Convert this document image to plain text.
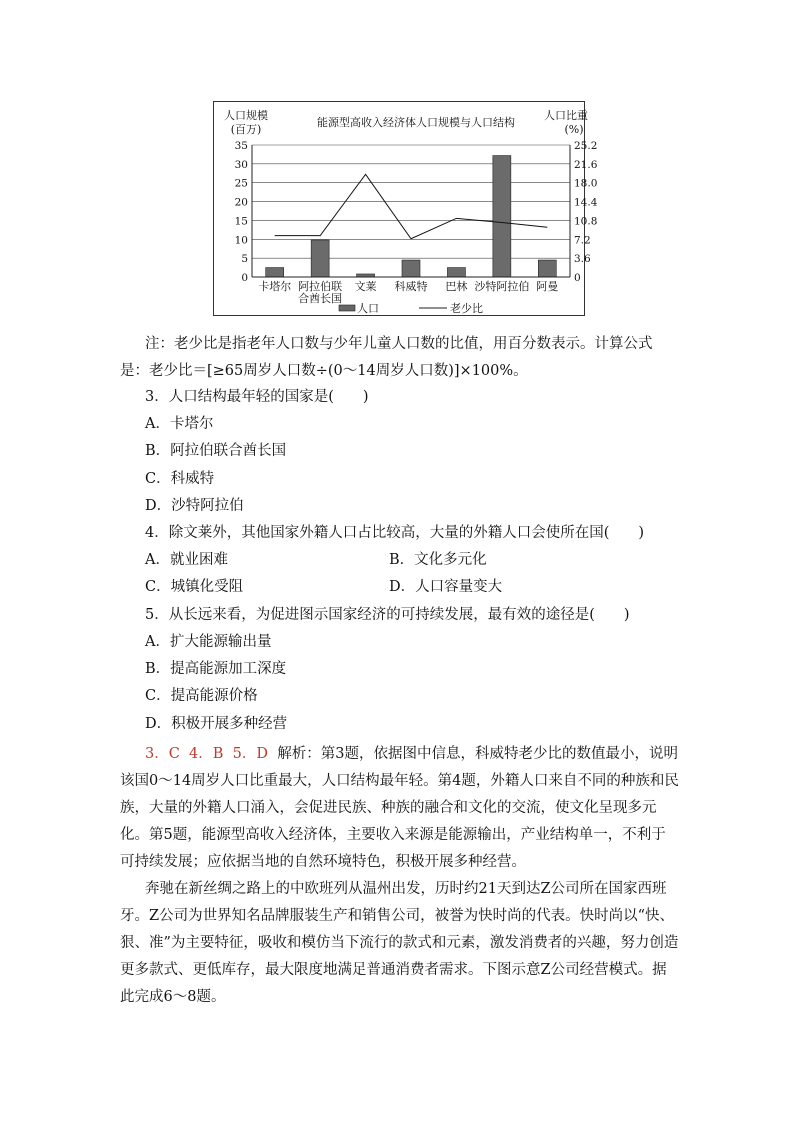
能源型高收入经济体人口规模与人口结构
人口规模
(百万)
人口比重
(%)
0	0
5	3.6
10	7.2
15	10.8
20	14.4
25	18.0
30	21.6
35	25.2
卡塔尔 阿拉伯联
合酋长国
文莱 科威特 巴林 沙特阿拉伯 阿曼
人口	老少比
注：老少比是指老年人口数与少年儿童人口数的比值，用百分数表示。计算公式是：老少比＝[≥65周岁人口数÷(0～14周岁人口数)]×100%。
3．人口结构最年轻的国家是(　　)
A．卡塔尔
B．阿拉伯联合酋长国
C．科威特
D．沙特阿拉伯
4．除文莱外，其他国家外籍人口占比较高，大量的外籍人口会使所在国(　　)
A．就业困难	B．文化多元化
C．城镇化受阻	D．人口容量变大
5．从长远来看，为促进图示国家经济的可持续发展，最有效的途径是(　　)
A．扩大能源输出量
B．提高能源加工深度
C．提高能源价格
D．积极开展多种经营
3．C 4．B 5．D 解析：第3题，依据图中信息，科威特老少比的数值最小，说明该国0～14周岁人口比重最大，人口结构最年轻。第4题，外籍人口来自不同的种族和民族，大量的外籍人口涌入，会促进民族、种族的融合和文化的交流，使文化呈现多元化。第5题，能源型高收入经济体，主要收入来源是能源输出，产业结构单一，不利于可持续发展；应依据当地的自然环境特色，积极开展多种经营。
奔驰在新丝绸之路上的中欧班列从温州出发，历时约21天到达Z公司所在国家西班牙。Z公司为世界知名品牌服装生产和销售公司，被誉为快时尚的代表。快时尚以“快、狠、准”为主要特征，吸收和模仿当下流行的款式和元素，激发消费者的兴趣，努力创造更多款式、更低库存，最大限度地满足普通消费者需求。下图示意Z公司经营模式。据此完成6～8题。
